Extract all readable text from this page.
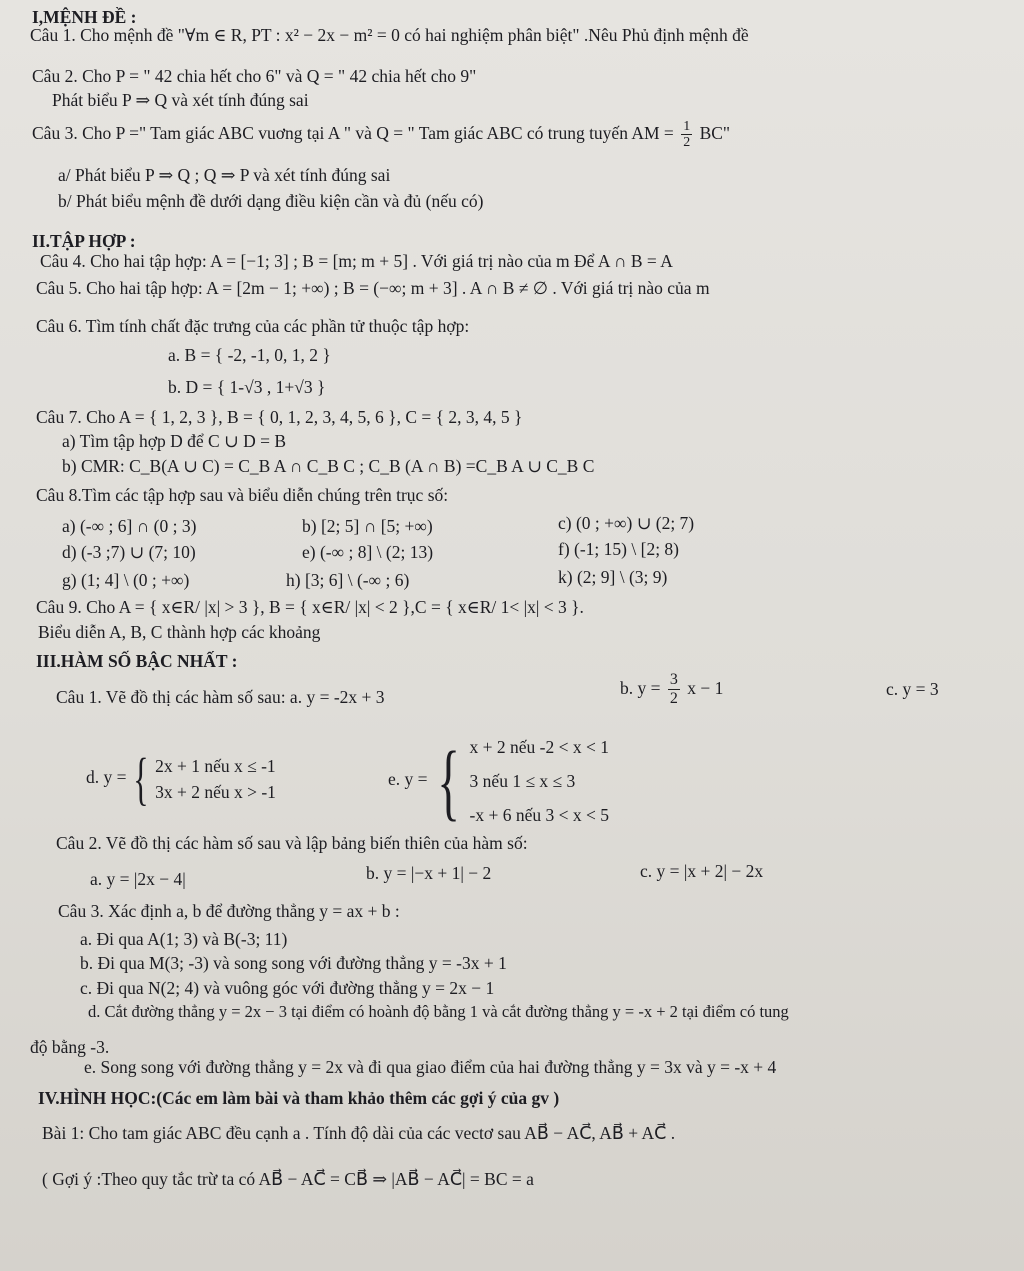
I,MỆNH ĐỀ :
Câu 1. Cho mệnh đề "∀m ∈ R, PT : x² − 2x − m² = 0 có hai nghiệm phân biệt" .Nêu Phủ định mệnh đề
Câu 2. Cho P = " 42 chia hết cho 6" và Q = " 42 chia hết cho 9"
Phát biểu P ⇒ Q và xét tính đúng sai
Câu 3. Cho P =" Tam giác ABC vuơng tại A " và Q = " Tam giác ABC có trung tuyến AM = $\frac{1}{2}$ BC"
a/ Phát biểu P ⇒ Q ; Q ⇒ P và xét tính đúng sai
b/ Phát biểu mệnh đề dưới dạng điều kiện cần và đủ (nếu có)
II.TẬP HỢP :
Câu 4. Cho hai tập hợp: A = [−1; 3] ; B = [m; m + 5] . Với giá trị nào của m Để A ∩ B = A
Câu 5. Cho hai tập hợp: A = [2m − 1; +∞) ; B = (−∞; m + 3] . A ∩ B ≠ ∅ . Với giá trị nào của m
Câu 6. Tìm tính chất đặc trưng của các phần tử thuộc tập hợp:
a. B = { -2, -1, 0, 1, 2 }
b. D = { 1-√3 , 1+√3 }
Câu 7. Cho A = { 1, 2, 3 }, B = { 0, 1, 2, 3, 4, 5, 6 }, C = { 2, 3, 4, 5 }
a) Tìm tập hợp D để C ∪ D = B
b) CMR: C_B(A ∪ C) = C_B A ∩ C_B C ; C_B (A ∩ B) =C_B A ∪ C_B C
Câu 8.Tìm các tập hợp sau và biểu diễn chúng trên trục số:
a) (-∞ ; 6] ∩ (0 ; 3)	b) [2; 5] ∩ [5; +∞)	c) (0 ; +∞) ∪ (2; 7)
d) (-3 ;7) ∪ (7; 10)	e) (-∞ ; 8] \ (2; 13)	f) (-1; 15) \ [2; 8)
g) (1; 4] \ (0 ; +∞)	h) [3; 6] \ (-∞ ; 6)	k) (2; 9] \ (3; 9)
Câu 9. Cho A = { x∈R/ |x| > 3 }, B = { x∈R/ |x| < 2 },C = { x∈R/ 1< |x| < 3 }.
Biểu diễn A, B, C thành hợp các khoảng
III.HÀM SỐ BẬC NHẤT :
Câu 1. Vẽ đồ thị các hàm số sau: a. y = -2x + 3	b. $y = \frac{3}{2}$ x − 1	c. y = 3
d. y = { 2x + 1 nếu x ≤ -1
3x + 2 nếu x > -1
e. y = { x + 2 nếu -2 < x < 1
3 nếu 1 ≤ x ≤ 3
-x + 6 nếu 3 < x < 5
Câu 2. Vẽ đồ thị các hàm số sau và lập bảng biến thiên của hàm số:
a. y = |2x − 4|	b. y = |−x + 1| − 2	c. y = |x + 2| − 2x
Câu 3. Xác định a, b để đường thẳng y = ax + b :
a. Đi qua A(1; 3) và B(-3; 11)
b. Đi qua M(3; -3) và song song với đường thẳng y = -3x + 1
c. Đi qua N(2; 4) và vuông góc với đường thẳng y = 2x − 1
d. Cắt đường thẳng y = 2x − 3 tại điểm có hoành độ bằng 1 và cắt đường thẳng y = -x + 2 tại điểm có tung
độ bằng -3.
e. Song song với đường thẳng y = 2x và đi qua giao điểm của hai đường thẳng y = 3x và y = -x + 4
IV.HÌNH HỌC:(Các em làm bài và tham khảo thêm các gợi ý của gv )
Bài 1: Cho tam giác ABC đều cạnh a . Tính độ dài của các vectơ sau AB⃗ − AC⃗, AB⃗ + AC⃗ .
( Gợi ý :Theo quy tắc trừ ta có AB⃗ − AC⃗ = CB⃗ ⇒ |AB⃗ − AC⃗| = BC = a
